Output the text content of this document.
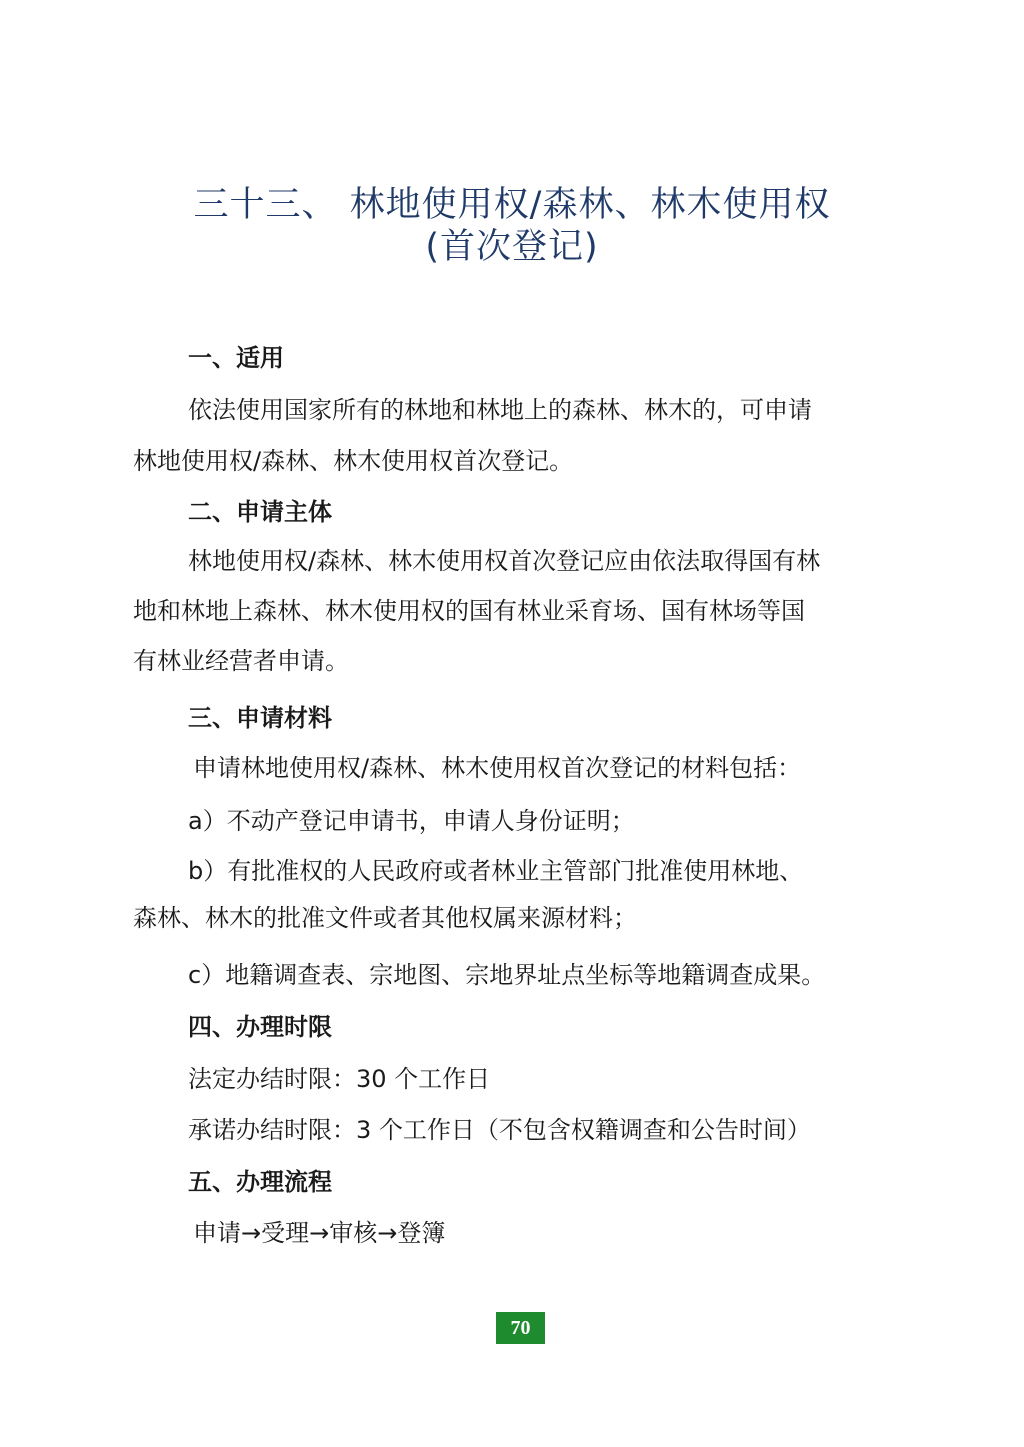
三十三、 林地使用权/森林、林木使用权
(首次登记)
一、适用
依法使用国家所有的林地和林地上的森林、林木的，可申请
林地使用权/森林、林木使用权首次登记。
二、申请主体
林地使用权/森林、林木使用权首次登记应由依法取得国有林
地和林地上森林、林木使用权的国有林业采育场、国有林场等国
有林业经营者申请。
三、申请材料
申请林地使用权/森林、林木使用权首次登记的材料包括：
a）不动产登记申请书，申请人身份证明；
b）有批准权的人民政府或者林业主管部门批准使用林地、
森林、林木的批准文件或者其他权属来源材料；
c）地籍调查表、宗地图、宗地界址点坐标等地籍调查成果。
四、办理时限
法定办结时限：30 个工作日
承诺办结时限：3 个工作日（不包含权籍调查和公告时间）
五、办理流程
申请→受理→审核→登簿
70
